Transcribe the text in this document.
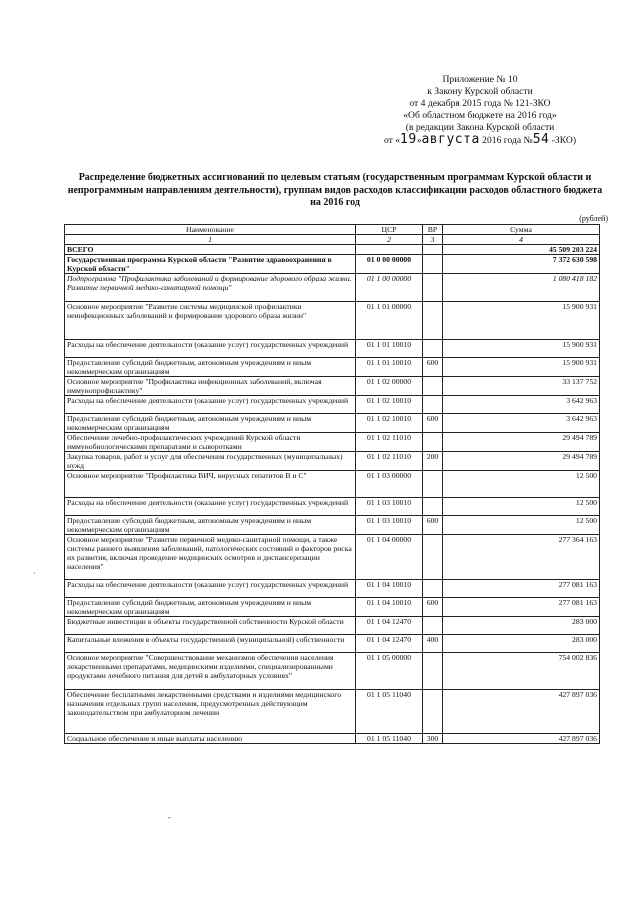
Приложение № 10
к Закону Курской области
от 4 декабря 2015 года № 121-ЗКО
«Об областном бюджете на 2016 год»
(в редакции Закона Курской области
от «19»августа 2016 года №54 -ЗКО)
Распределение бюджетных ассигнований по целевым статьям (государственным программам Курской области и непрограммным направлениям деятельности), группам видов расходов классификации расходов областного бюджета на 2016 год
(рублей)
Наименование	ЦСР	ВР	Сумма
1	2	3	4
ВСЕГО			45 509 203 224
Государственная программа Курской области "Развитие здравоохранения в Курской области"	01 0 00 00000		7 372 630 598
Подпрограмма "Профилактика заболеваний и формирование здорового образа жизни. Развитие первичной медико-санитарной помощи"	01 1 00 00000		1 080 418 182
Основное мероприятие "Развитие системы медицинской профилактики неинфекционных заболеваний и формирование здорового образа жизни"	01 1 01 00000		15 900 931
Расходы на обеспечение деятельности (оказание услуг) государственных учреждений	01 1 01 10010		15 900 931
Предоставление субсидий бюджетным, автономным учреждениям и иным некоммерческим организациям	01 1 01 10010	600	15 900 931
Основное мероприятие "Профилактика инфекционных заболеваний, включая иммунопрофилактику"	01 1 02 00000		33 137 752
Расходы на обеспечение деятельности (оказание услуг) государственных учреждений	01 1 02 10010		3 642 963
Предоставление субсидий бюджетным, автономным учреждениям и иным некоммерческим организациям	01 1 02 10010	600	3 642 963
Обеспечение лечебно-профилактических учреждений Курской области иммунобиологическими препаратами и сыворотками	01 1 02 11010		29 494 789
Закупка товаров, работ и услуг для обеспечения государственных (муниципальных) нужд	01 1 02 11010	200	29 494 789
Основное мероприятие "Профилактика ВИЧ, вирусных гепатитов В и С"	01 1 03 00000		12 500
Расходы на обеспечение деятельности (оказание услуг) государственных учреждений	01 1 03 10010		12 500
Предоставление субсидий бюджетным, автономным учреждениям и иным некоммерческим организациям	01 1 03 10010	600	12 500
Основное мероприятие "Развитие первичной медико-санитарной помощи, а также системы раннего выявления заболеваний, патологических состояний и факторов риска их развития, включая проведение медицинских осмотров и диспансеризации населения"	01 1 04 00000		277 364 163
Расходы на обеспечение деятельности (оказание услуг) государственных учреждений	01 1 04 10010		277 081 163
Предоставление субсидий бюджетным, автономным учреждениям и иным некоммерческим организациям	01 1 04 10010	600	277 081 163
Бюджетные инвестиции в объекты государственной собственности Курской области	01 1 04 12470		283 000
Капитальные вложения в объекты государственной (муниципальной) собственности	01 1 04 12470	400	283 000
Основное мероприятие "Совершенствование механизмов обеспечения населения лекарственными препаратами, медицинскими изделиями, специализированными продуктами лечебного питания для детей в амбулаторных условиях"	01 1 05 00000		754 002 836
Обеспечение бесплатными лекарственными средствами и изделиями медицинского назначения отдельных групп населения, предусмотренных действующим законодательством при амбулаторном лечении	01 1 05 11040		427 897 036
Социальное обеспечение и иные выплаты населению	01 1 05 11040	300	427 897 036
·
-
